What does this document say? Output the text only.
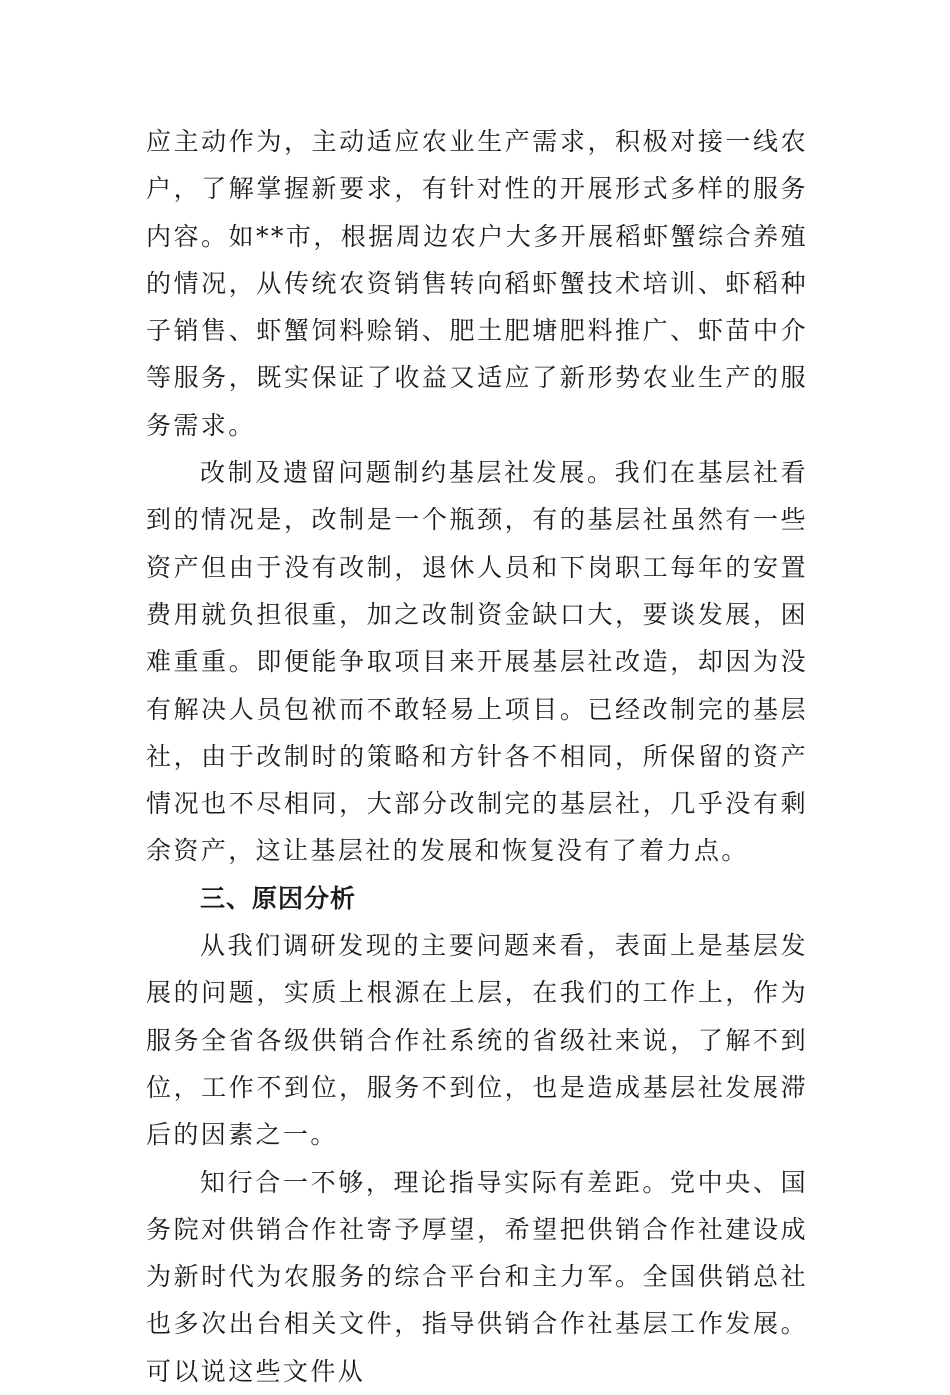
应主动作为，主动适应农业生产需求，积极对接一线农户，了解掌握新要求，有针对性的开展形式多样的服务内容。如**市，根据周边农户大多开展稻虾蟹综合养殖的情况，从传统农资销售转向稻虾蟹技术培训、虾稻种子销售、虾蟹饲料赊销、肥土肥塘肥料推广、虾苗中介等服务，既实保证了收益又适应了新形势农业生产的服务需求。

改制及遗留问题制约基层社发展。我们在基层社看到的情况是，改制是一个瓶颈，有的基层社虽然有一些资产但由于没有改制，退休人员和下岗职工每年的安置费用就负担很重，加之改制资金缺口大，要谈发展，困难重重。即便能争取项目来开展基层社改造，却因为没有解决人员包袱而不敢轻易上项目。已经改制完的基层社，由于改制时的策略和方针各不相同，所保留的资产情况也不尽相同，大部分改制完的基层社，几乎没有剩余资产，这让基层社的发展和恢复没有了着力点。

三、原因分析

从我们调研发现的主要问题来看，表面上是基层发展的问题，实质上根源在上层，在我们的工作上，作为服务全省各级供销合作社系统的省级社来说，了解不到位，工作不到位，服务不到位，也是造成基层社发展滞后的因素之一。

知行合一不够，理论指导实际有差距。党中央、国务院对供销合作社寄予厚望，希望把供销合作社建设成为新时代为农服务的综合平台和主力军。全国供销总社也多次出台相关文件，指导供销合作社基层工作发展。可以说这些文件从
